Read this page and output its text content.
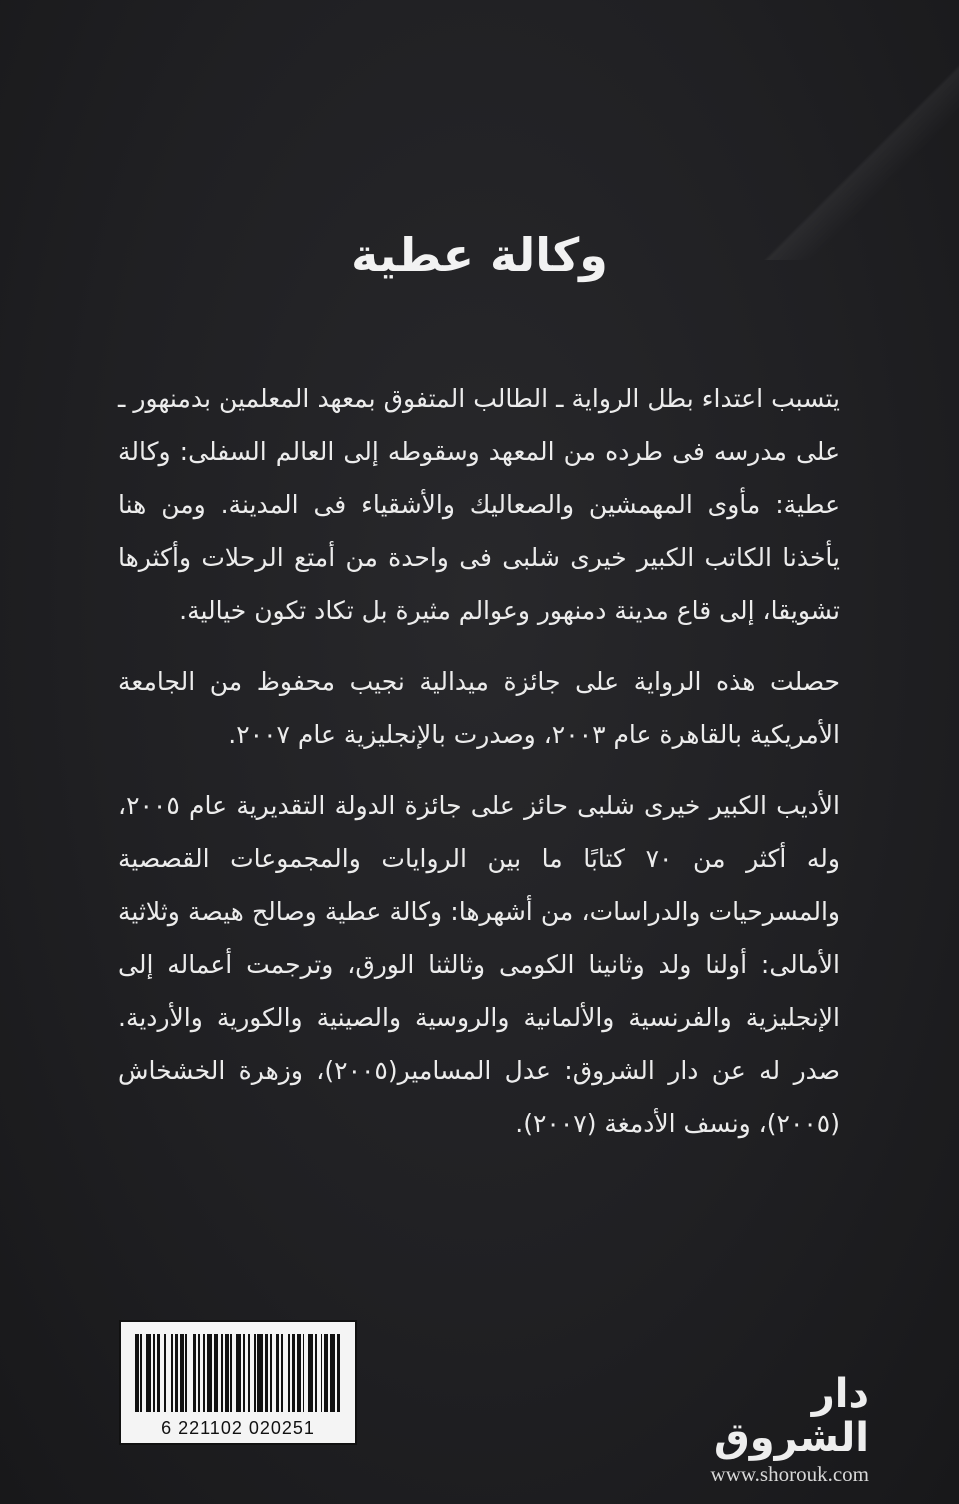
وكالة عطية

يتسبب اعتداء بطل الرواية ـ الطالب المتفوق بمعهد المعلمين بدمنهور ـ على مدرسه فى طرده من المعهد وسقوطه إلى العالم السفلى: وكالة عطية: مأوى المهمشين والصعاليك والأشقياء فى المدينة. ومن هنا يأخذنا الكاتب الكبير خيرى شلبى فى واحدة من أمتع الرحلات وأكثرها تشويقا، إلى قاع مدينة دمنهور وعوالم مثيرة بل تكاد تكون خيالية.

حصلت هذه الرواية على جائزة ميدالية نجيب محفوظ من الجامعة الأمريكية بالقاهرة عام ٢٠٠٣، وصدرت بالإنجليزية عام ٢٠٠٧.

الأديب الكبير خيرى شلبى حائز على جائزة الدولة التقديرية عام ٢٠٠٥، وله أكثر من ٧٠ كتابًا ما بين الروايات والمجموعات القصصية والمسرحيات والدراسات، من أشهرها: وكالة عطية وصالح هيصة وثلاثية الأمالى: أولنا ولد وثانينا الكومى وثالثنا الورق، وترجمت أعماله إلى الإنجليزية والفرنسية والألمانية والروسية والصينية والكورية والأردية. صدر له عن دار الشروق: عدل المسامير(٢٠٠٥)، وزهرة الخشخاش (٢٠٠٥)، ونسف الأدمغة (٢٠٠٧).

6 221102 020251
دار الشروق
www.shorouk.com
